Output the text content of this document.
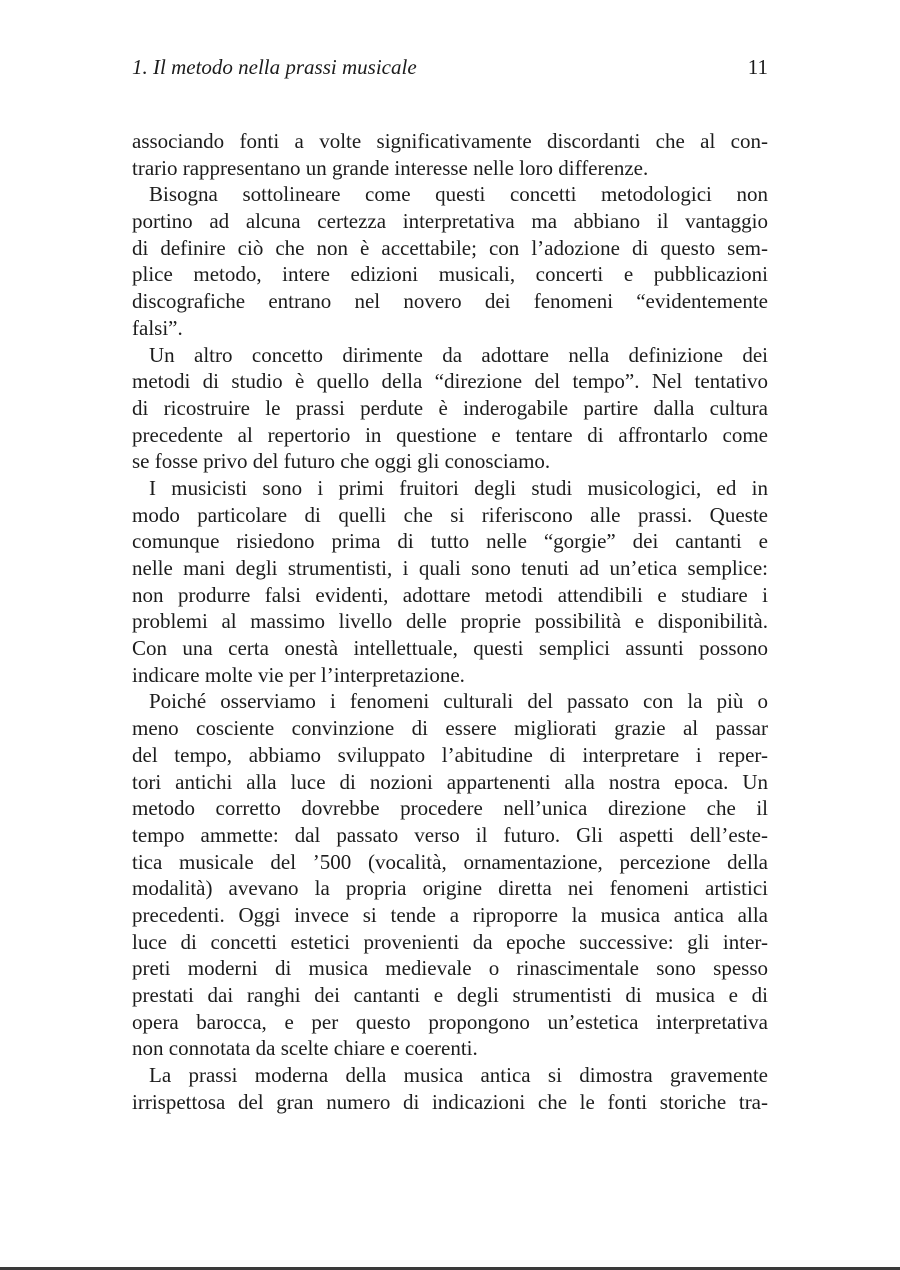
1. Il metodo nella prassi musicale	11
associando fonti a volte significativamente discordanti che al con-
trario rappresentano un grande interesse nelle loro differenze.
Bisogna sottolineare come questi concetti metodologici non
portino ad alcuna certezza interpretativa ma abbiano il vantaggio
di definire ciò che non è accettabile; con l’adozione di questo sem-
plice metodo, intere edizioni musicali, concerti e pubblicazioni
discografiche entrano nel novero dei fenomeni “evidentemente
falsi”.
Un altro concetto dirimente da adottare nella definizione dei
metodi di studio è quello della “direzione del tempo”. Nel tentativo
di ricostruire le prassi perdute è inderogabile partire dalla cultura
precedente al repertorio in questione e tentare di affrontarlo come
se fosse privo del futuro che oggi gli conosciamo.
I musicisti sono i primi fruitori degli studi musicologici, ed in
modo particolare di quelli che si riferiscono alle prassi. Queste
comunque risiedono prima di tutto nelle “gorgie” dei cantanti e
nelle mani degli strumentisti, i quali sono tenuti ad un’etica semplice:
non produrre falsi evidenti, adottare metodi attendibili e studiare i
problemi al massimo livello delle proprie possibilità e disponibilità.
Con una certa onestà intellettuale, questi semplici assunti possono
indicare molte vie per l’interpretazione.
Poiché osserviamo i fenomeni culturali del passato con la più o
meno cosciente convinzione di essere migliorati grazie al passar
del tempo, abbiamo sviluppato l’abitudine di interpretare i reper-
tori antichi alla luce di nozioni appartenenti alla nostra epoca. Un
metodo corretto dovrebbe procedere nell’unica direzione che il
tempo ammette: dal passato verso il futuro. Gli aspetti dell’este-
tica musicale del ’500 (vocalità, ornamentazione, percezione della
modalità) avevano la propria origine diretta nei fenomeni artistici
precedenti. Oggi invece si tende a riproporre la musica antica alla
luce di concetti estetici provenienti da epoche successive: gli inter-
preti moderni di musica medievale o rinascimentale sono spesso
prestati dai ranghi dei cantanti e degli strumentisti di musica e di
opera barocca, e per questo propongono un’estetica interpretativa
non connotata da scelte chiare e coerenti.
La prassi moderna della musica antica si dimostra gravemente
irrispettosa del gran numero di indicazioni che le fonti storiche tra-
